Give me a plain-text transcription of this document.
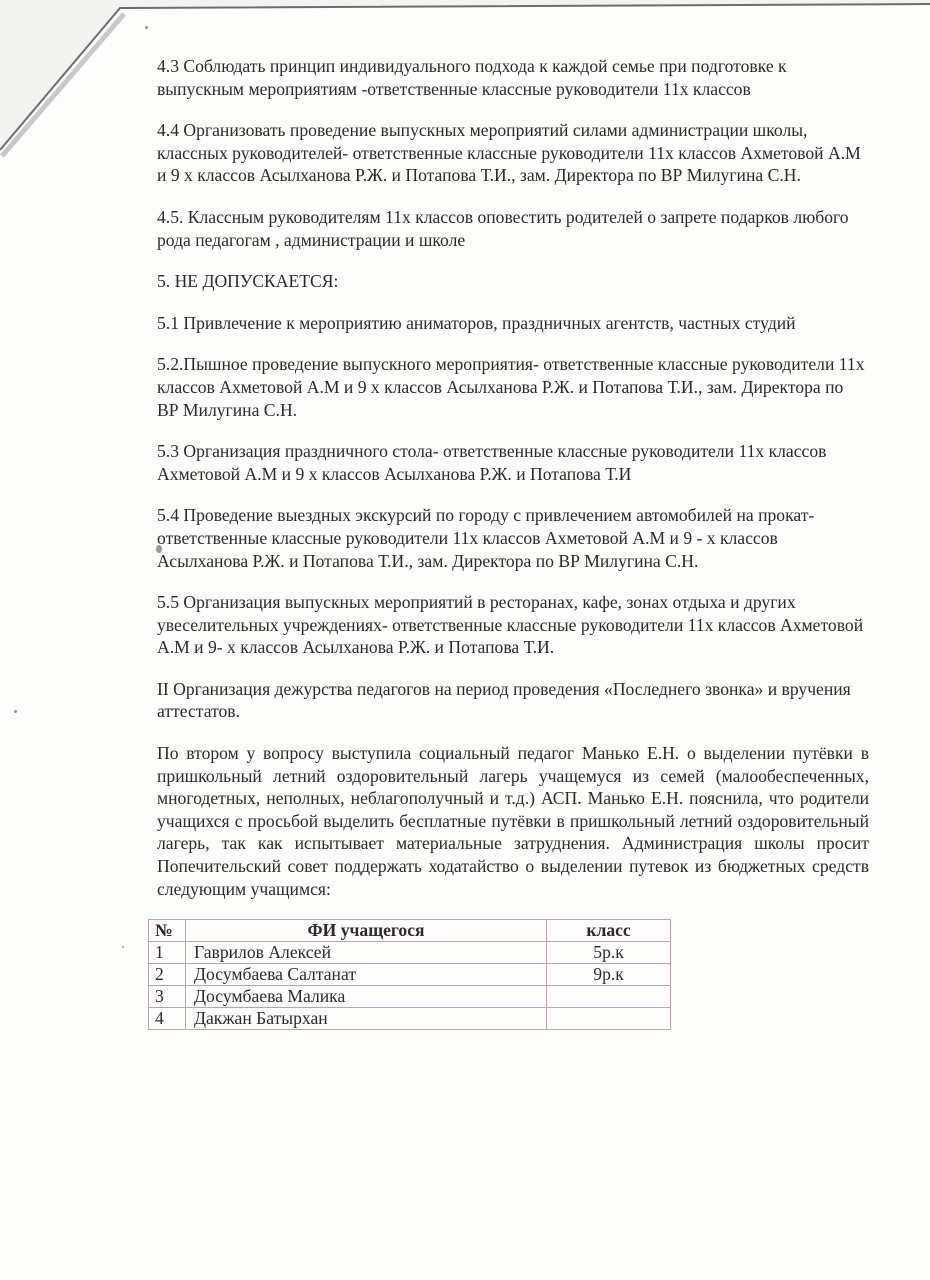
4.3 Соблюдать принцип индивидуального подхода к каждой семье при подготовке к выпускным мероприятиям -ответственные классные руководители 11х классов

4.4 Организовать проведение выпускных мероприятий силами администрации школы, классных руководителей- ответственные классные руководители 11х классов Ахметовой А.М и 9 х классов Асылханова Р.Ж. и Потапова Т.И., зам. Директора по ВР Милугина С.Н.

4.5. Классным руководителям 11х классов оповестить родителей о запрете подарков любого рода педагогам , администрации и школе

5. НЕ ДОПУСКАЕТСЯ:

5.1 Привлечение к мероприятию аниматоров, праздничных агентств, частных студий

5.2.Пышное проведение выпускного мероприятия- ответственные классные руководители 11х классов Ахметовой А.М и 9 х классов Асылханова Р.Ж. и Потапова Т.И., зам. Директора по ВР Милугина С.Н.

5.3 Организация праздничного стола- ответственные классные руководители 11х классов Ахметовой А.М и 9 х классов Асылханова Р.Ж. и Потапова Т.И

5.4 Проведение выездных экскурсий по городу с привлечением автомобилей на прокат- ответственные классные руководители 11х классов Ахметовой А.М и 9 - х классов Асылханова Р.Ж. и Потапова Т.И., зам. Директора по ВР Милугина С.Н.

5.5 Организация выпускных мероприятий в ресторанах, кафе, зонах отдыха и других увеселительных учреждениях- ответственные классные руководители 11х классов Ахметовой А.М и 9- х классов Асылханова Р.Ж. и Потапова Т.И.

II Организация дежурства педагогов на период проведения «Последнего звонка» и вручения аттестатов.

По втором у вопросу выступила социальный педагог Манько Е.Н. о выделении путёвки в пришкольный летний оздоровительный лагерь учащемуся из семей (малообеспеченных, многодетных, неполных, неблагополучный и т.д.) АСП. Манько Е.Н. пояснила, что родители учащихся с просьбой выделить бесплатные путёвки в пришкольный летний оздоровительный лагерь, так как испытывает материальные затруднения. Администрация школы просит Попечительский совет поддержать ходатайство о выделении путевок из бюджетных средств следующим учащимся:

№	ФИ учащегося	класс
1	Гаврилов Алексей	5р.к
2	Досумбаева Салтанат	9р.к
3	Досумбаева Малика	
4	Дакжан Батырхан	
